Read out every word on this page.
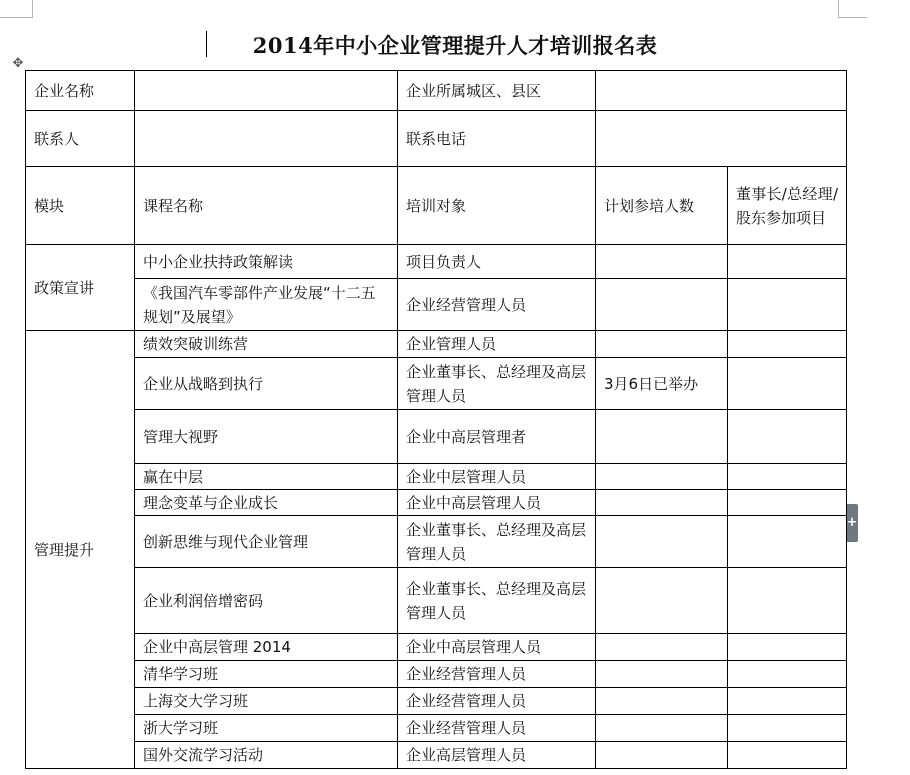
✥
2014年中小企业管理提升人才培训报名表
+
企业名称		企业所属城区、县区		
联系人		联系电话		
模块	课程名称	培训对象	计划参培人数	董事长/总经理/股东参加项目
政策宣讲	中小企业扶持政策解读	项目负责人		
	《我国汽车零部件产业发展“十二五规划”及展望》	企业经营管理人员		
管理提升	绩效突破训练营	企业管理人员		
	企业从战略到执行	企业董事长、总经理及高层管理人员	3月6日已举办	
	管理大视野	企业中高层管理者		
	赢在中层	企业中层管理人员		
	理念变革与企业成长	企业中高层管理人员		
	创新思维与现代企业管理	企业董事长、总经理及高层管理人员		
	企业利润倍增密码	企业董事长、总经理及高层管理人员		
	企业中高层管理 2014	企业中高层管理人员		
	清华学习班	企业经营管理人员		
	上海交大学习班	企业经营管理人员		
	浙大学习班	企业经营管理人员		
	国外交流学习活动	企业高层管理人员		
